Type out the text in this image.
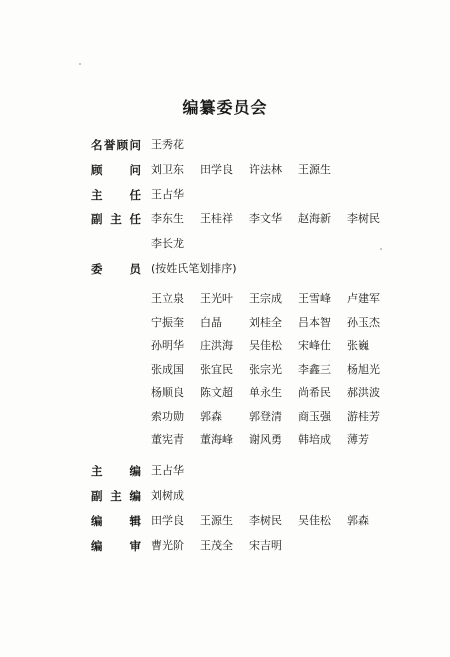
编纂委员会
名 誉 顾 问 王秀花
顾 问 刘卫东	田学良	许法林	王源生
主 任 王占华
副 主 任 李东生	王桂祥	李文华	赵海新	李树民
李长龙
委 员 (按姓氏笔划排序)
王立泉	王光叶	王宗成	王雪峰	卢建军
宁振奎	白晶	刘桂全	吕本智	孙玉杰
孙明华	庄洪海	吴佳松	宋峰仕	张巍
张成国	张宜民	张宗光	李鑫三	杨旭光
杨顺良	陈文超	单永生	尚希民	郝洪波
索功勋	郭森	郭登清	商玉强	游桂芳
董宪青	董海峰	谢风勇	韩培成	薄芳
主 编 王占华
副 主 编 刘树成
编 辑 田学良	王源生	李树民	吴佳松	郭森
编 审 曹光阶	王茂全	宋吉明
